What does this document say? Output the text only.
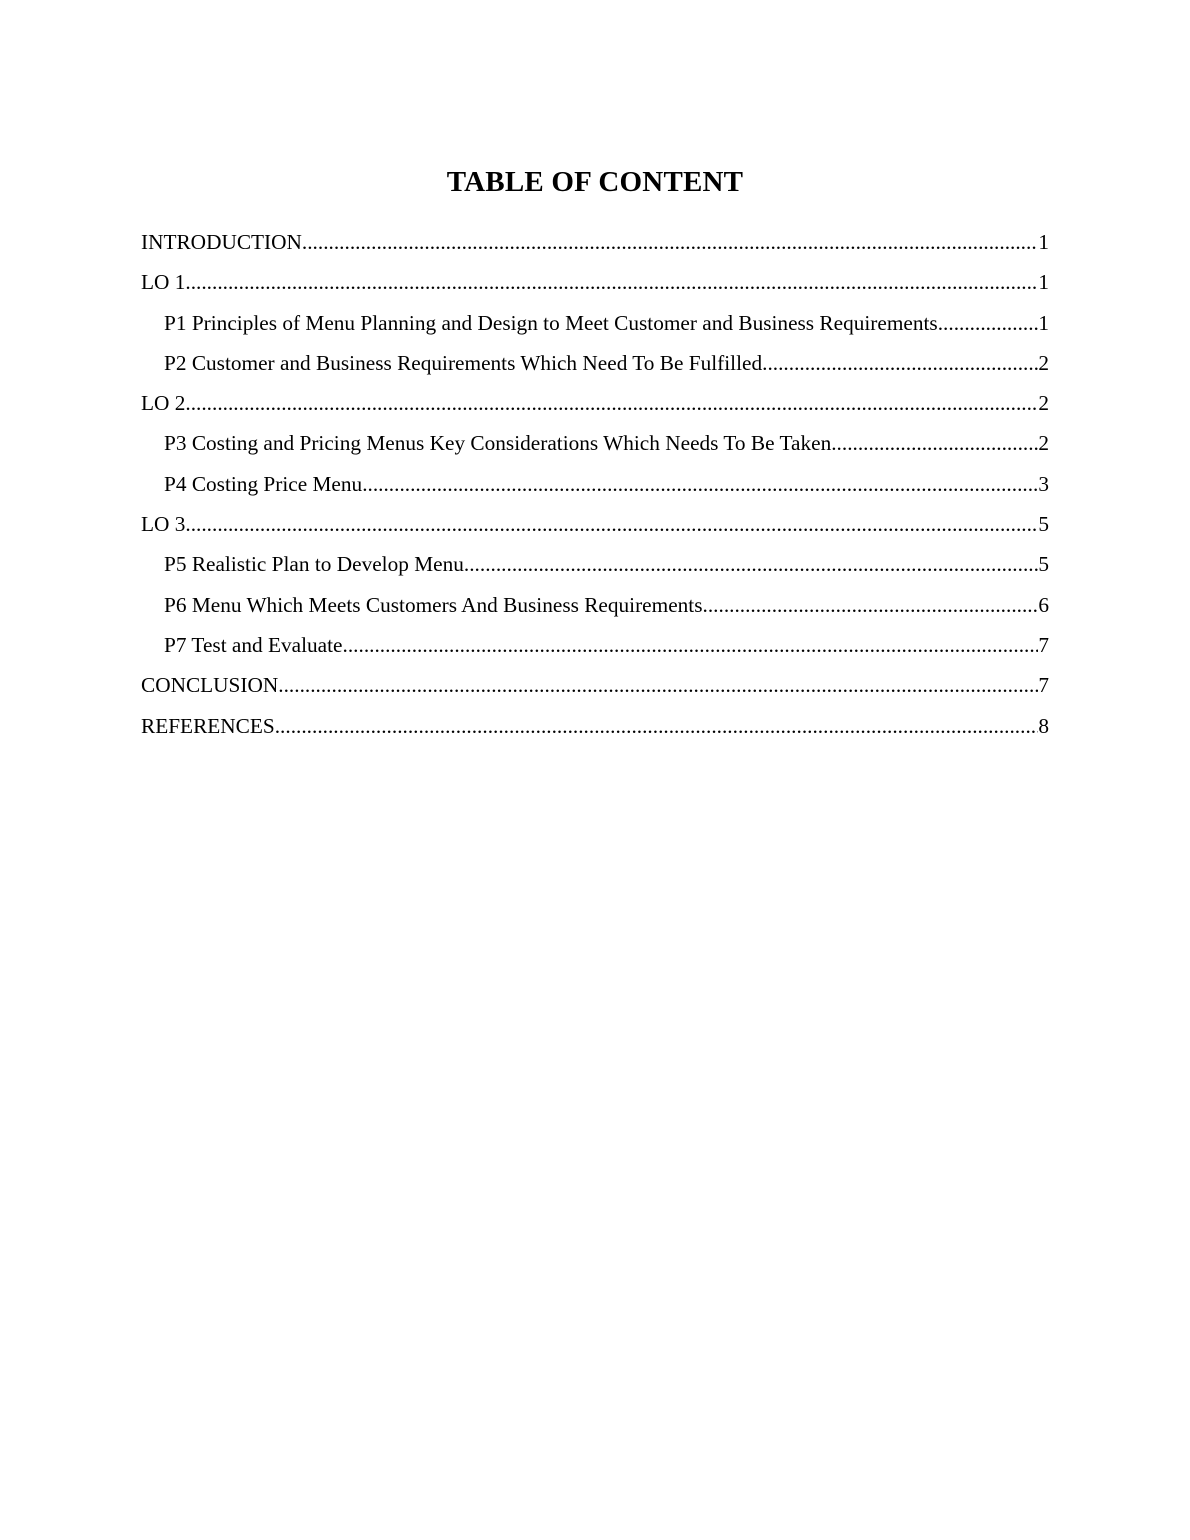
TABLE OF CONTENT
INTRODUCTION .....	1
LO 1 .....	1
P1 Principles of Menu Planning and Design to Meet Customer and Business Requirements .....	1
P2 Customer and Business Requirements Which Need To Be Fulfilled .....	2
LO 2 .....	2
P3 Costing and Pricing Menus Key Considerations Which Needs To Be Taken .....	2
P4 Costing Price Menu .....	3
LO 3 .....	5
P5 Realistic Plan to Develop Menu .....	5
P6 Menu Which Meets Customers And Business Requirements .....	6
P7 Test and Evaluate .....	7
CONCLUSION .....	7
REFERENCES .....	8
